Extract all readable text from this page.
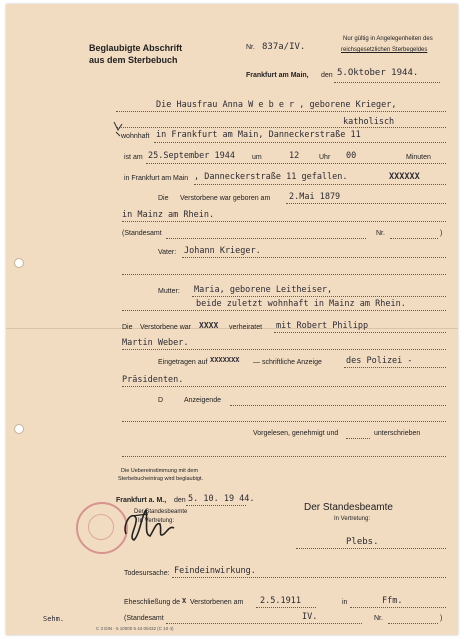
Beglaubigte Abschrift
aus dem Sterbebuch
Nr. 837a/IV.
Nur gültig in Angelegenheiten des
reichsgesetzlichen Sterbegeldes
Frankfurt am Main, den 5.Oktober 1944.
Die Hausfrau Anna W e b e r , geborene Krieger,
katholisch
wohnhaft in Frankfurt am Main, Danneckerstraße 11
ist am 25.September 1944 um	12	Uhr 00	Minuten
in Frankfurt am Main , Danneckerstraße 11 gefallen.	XXXXXX
Die Verstorbene war geboren am 2.Mai 1879
in Mainz am Rhein.
(Standesamt	Nr.	)
Vater: Johann Krieger.
Mutter: Maria, geborene Leitheiser,
beide zuletzt wohnhaft in Mainz am Rhein.
Die Verstorbene war XXXX verheiratet mit Robert Philipp
Martin Weber.
Eingetragen auf XXXXXXX — schriftliche Anzeige	des Polizei -
Präsidenten.
D	Anzeigende
Vorgelesen, genehmigt und	unterschrieben
Die Uebereinstimmung mit dem
Sterbebucheintrag wird beglaubigt.
Frankfurt a. M., den 5. 10. 19 44.
Der Standesbeamte
In Vertretung:
Der Standesbeamte
In Vertretung:
Plebs.
Todesursache: Feindeinwirkung.
Eheschließung de X Verstorbenen am 2.5.1911	in	Ffm.
Sehm.	(Standesamt	IV.	Nr.	)
C 3 DIN · 5 10000 5 44 00432 (C 10 4)
